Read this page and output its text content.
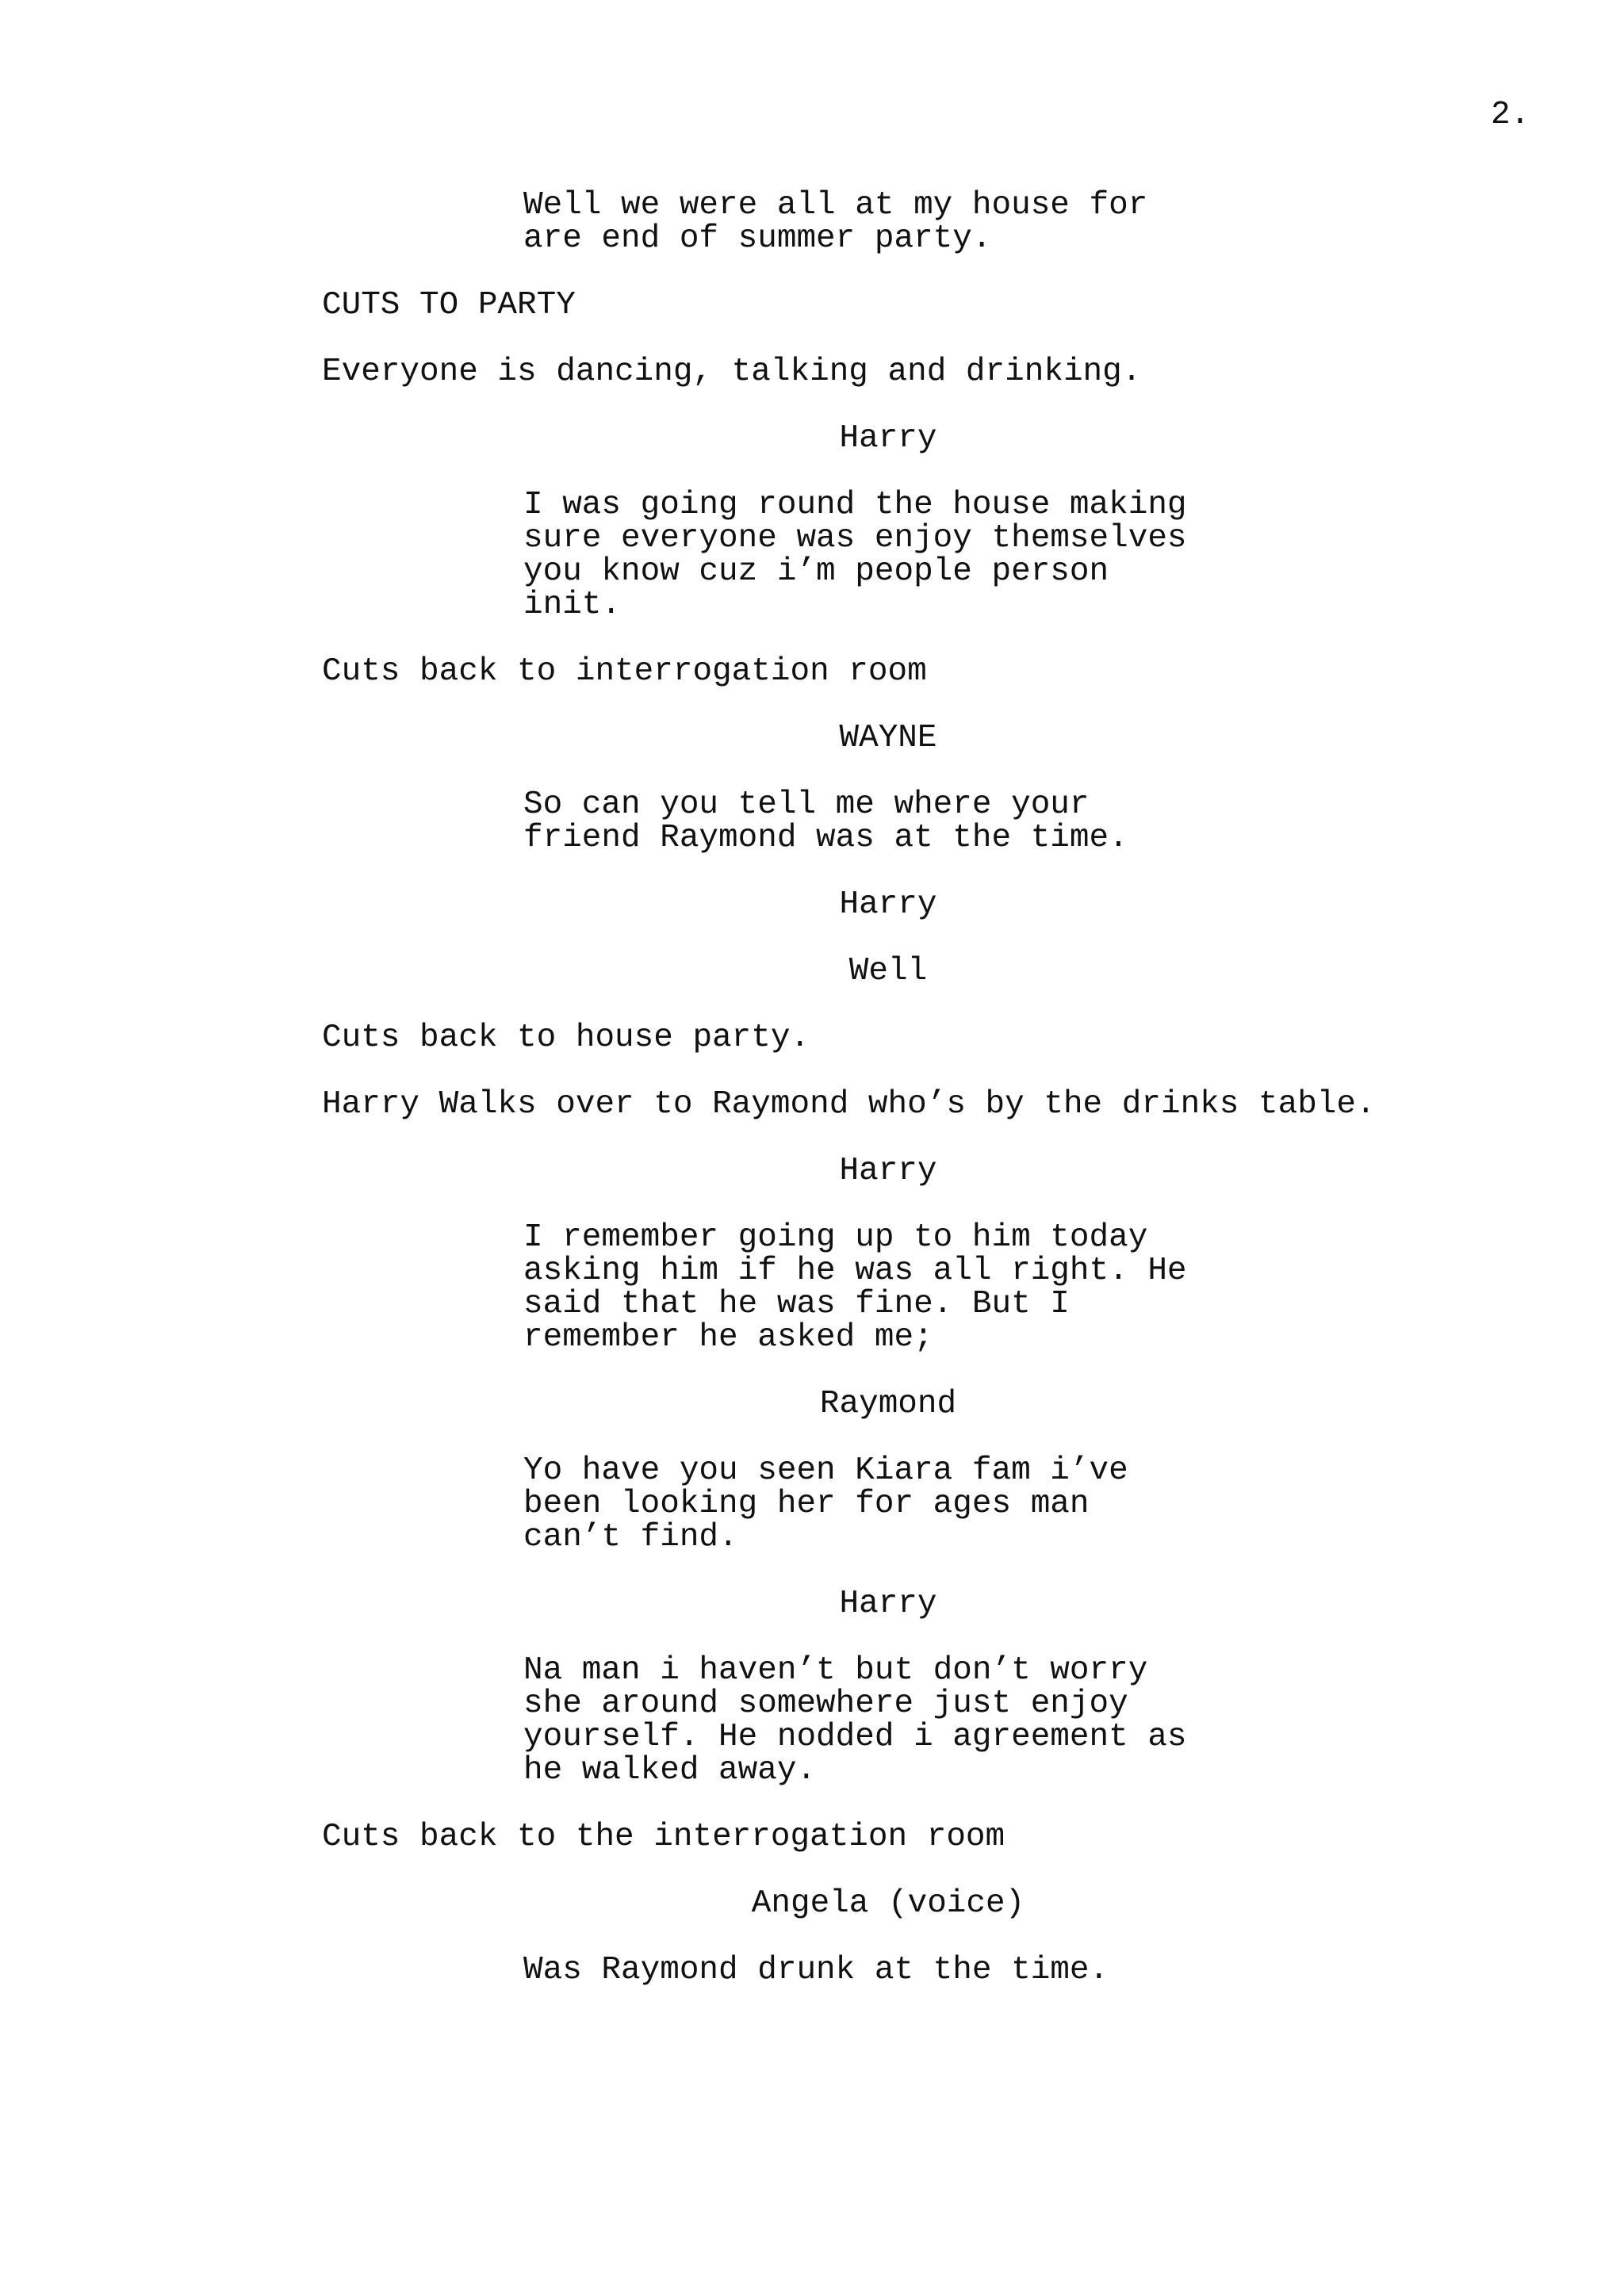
2.
Well we were all at my house for
are end of summer party.
CUTS TO PARTY
Everyone is dancing, talking and drinking.
Harry
I was going round the house making
sure everyone was enjoy themselves
you know cuz i’m people person
init.
Cuts back to interrogation room
WAYNE
So can you tell me where your
friend Raymond was at the time.
Harry
Well
Cuts back to house party.
Harry Walks over to Raymond who’s by the drinks table.
Harry
I remember going up to him today
asking him if he was all right. He
said that he was fine. But I
remember he asked me;
Raymond
Yo have you seen Kiara fam i’ve
been looking her for ages man
can’t find.
Harry
Na man i haven’t but don’t worry
she around somewhere just enjoy
yourself. He nodded i agreement as
he walked away.
Cuts back to the interrogation room
Angela (voice)
Was Raymond drunk at the time.
